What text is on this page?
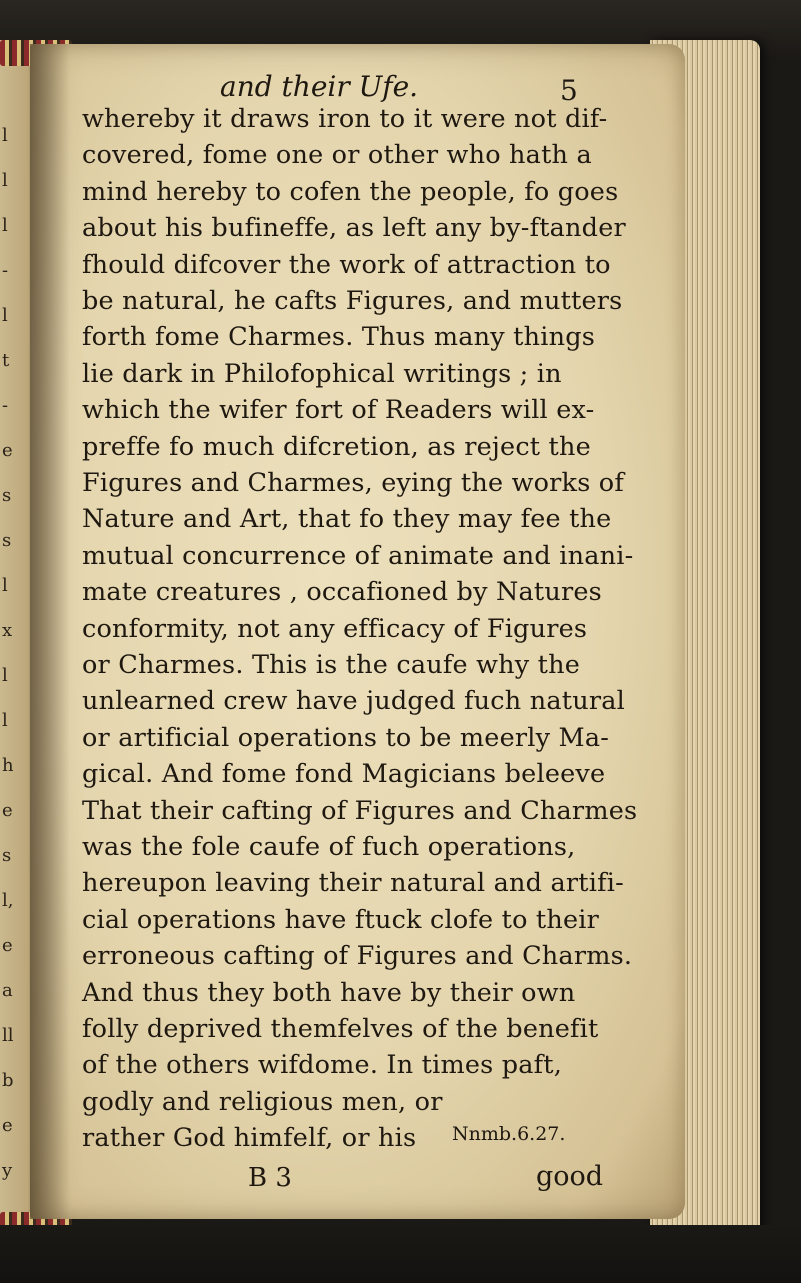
l
l
l
-
l
t
-
e
s
s
l
x
l
l
h
e
s
l,
e
a
ll
b
e
y
and their Ufe.	5
whereby it draws iron to it were not dif-
covered, fome one or other who hath a
mind hereby to cofen the people, fo goes
about his bufineffe, as left any by-ftander
fhould difcover the work of attraction to
be natural, he cafts Figures, and mutters
forth fome Charmes. Thus many things
lie dark in Philofophical writings ; in
which the wifer fort of Readers will ex-
preffe fo much difcretion, as reject the
Figures and Charmes, eying the works of
Nature and Art, that fo they may fee the
mutual concurrence of animate and inani-
mate creatures , occafioned by Natures
conformity, not any efficacy of Figures
or Charmes. This is the caufe why the
unlearned crew have judged fuch natural
or artificial operations to be meerly Ma-
gical. And fome fond Magicians beleeve
That their cafting of Figures and Charmes
was the fole caufe of fuch operations,
hereupon leaving their natural and artifi-
cial operations have ftuck clofe to their
erroneous cafting of Figures and Charms.
And thus they both have by their own
folly deprived themfelves of the benefit
of the others wifdome. In times paft,
godly and religious men, or
rather God himfelf, or his Nnmb.6.27.
B 3	good
